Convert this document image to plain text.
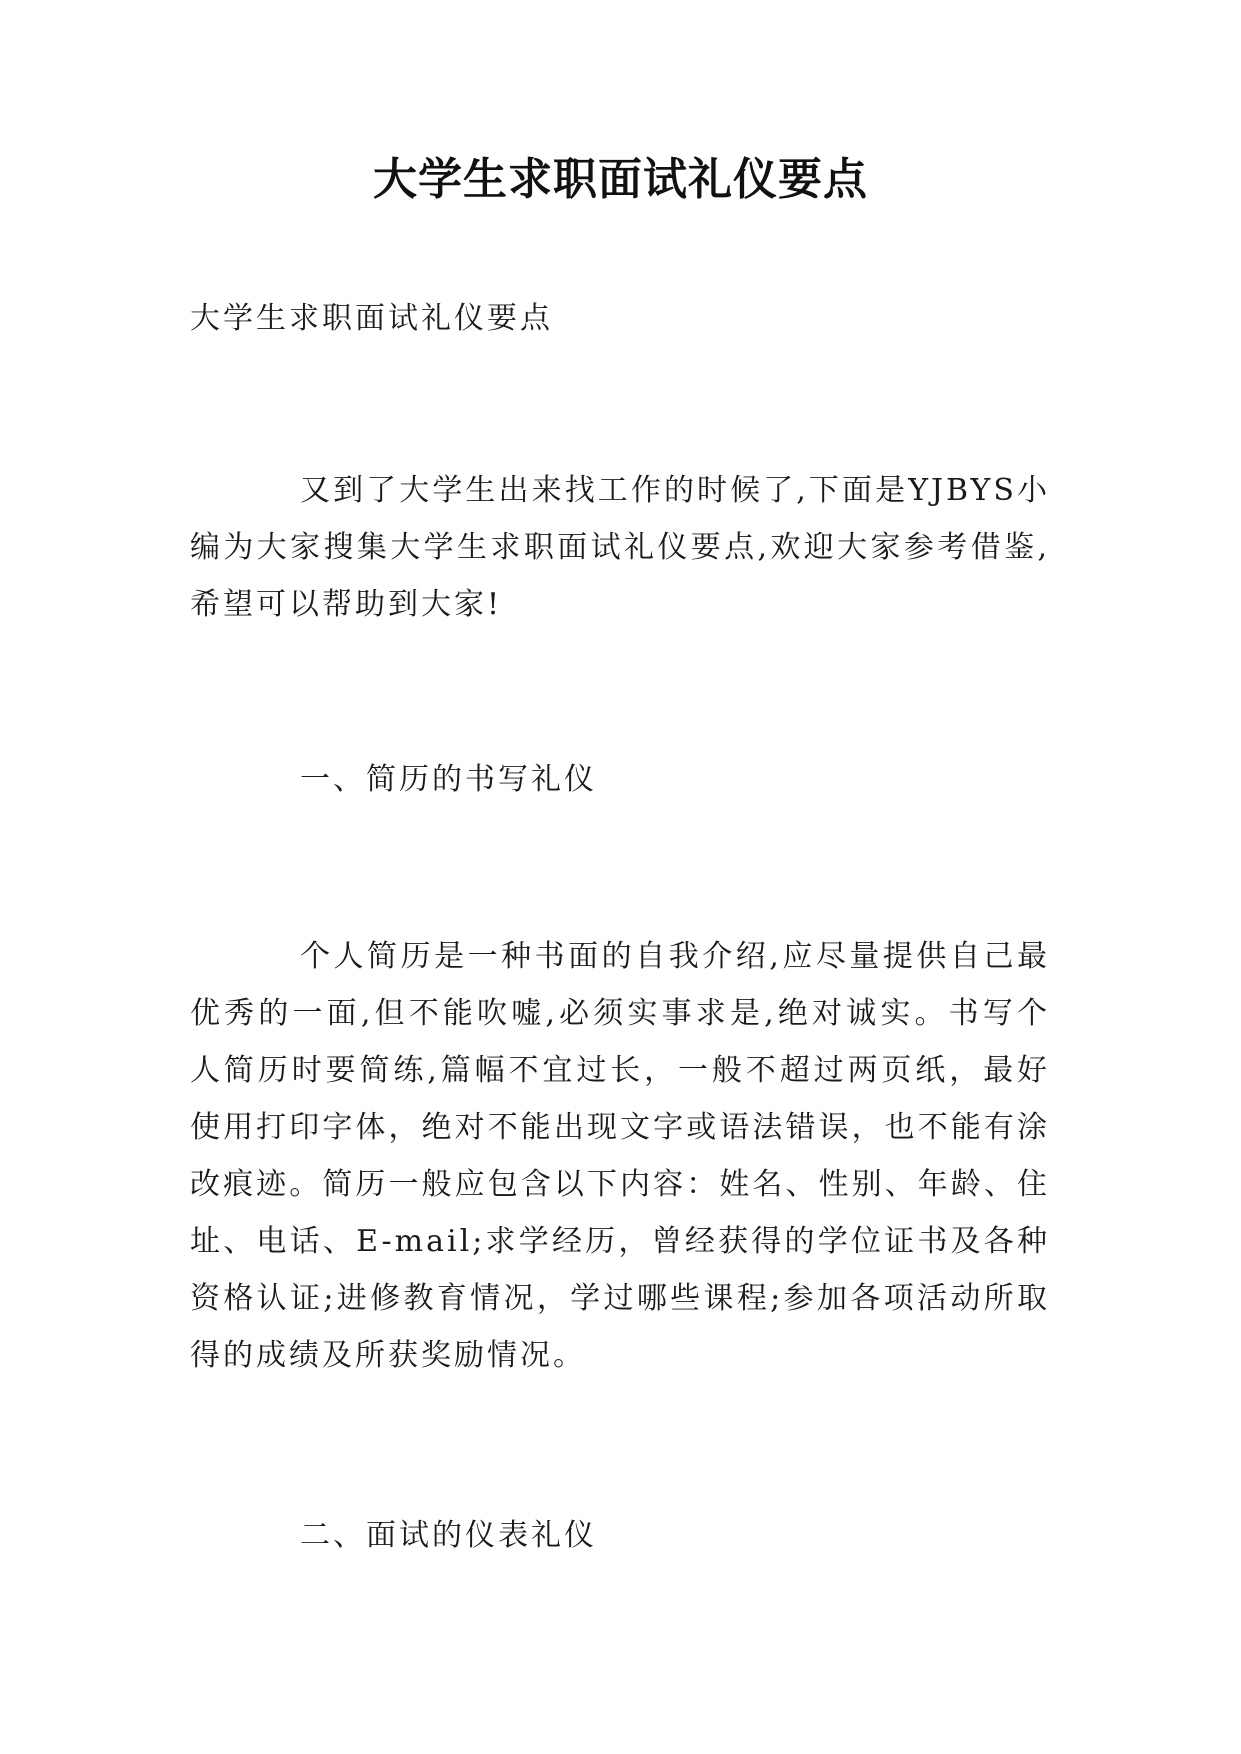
大学生求职面试礼仪要点

大学生求职面试礼仪要点

又到了大学生出来找工作的时候了,下面是YJBYS小编为大家搜集大学生求职面试礼仪要点,欢迎大家参考借鉴,希望可以帮助到大家!

一、简历的书写礼仪

个人简历是一种书面的自我介绍,应尽量提供自己最优秀的一面,但不能吹嘘,必须实事求是,绝对诚实。书写个人简历时要简练,篇幅不宜过长，一般不超过两页纸，最好使用打印字体，绝对不能出现文字或语法错误，也不能有涂改痕迹。简历一般应包含以下内容：姓名、性别、年龄、住址、电话、E-mail;求学经历，曾经获得的学位证书及各种资格认证;进修教育情况，学过哪些课程;参加各项活动所取得的成绩及所获奖励情况。

二、面试的仪表礼仪
